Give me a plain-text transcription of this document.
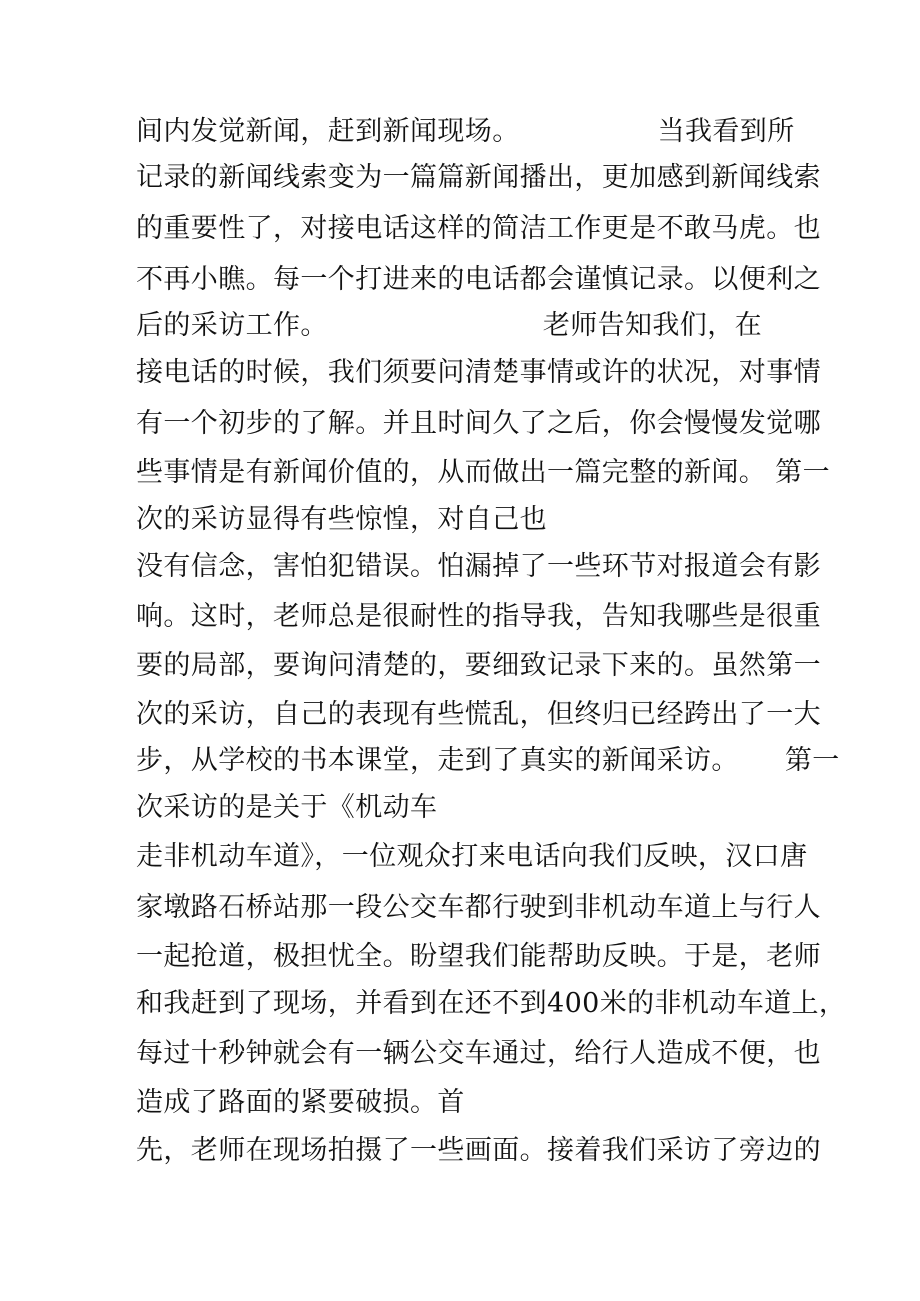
间内发觉新闻，赶到新闻现场。	当我看到所
记录的新闻线索变为一篇篇新闻播出，更加感到新闻线索
的重要性了，对接电话这样的简洁工作更是不敢马虎。也
不再小瞧。每一个打进来的电话都会谨慎记录。以便利之
后的采访工作。	老师告知我们，在
接电话的时候，我们须要问清楚事情或许的状况，对事情
有一个初步的了解。并且时间久了之后，你会慢慢发觉哪
些事情是有新闻价值的，从而做出一篇完整的新闻。 第一
次的采访显得有些惊惶，对自己也
没有信念，害怕犯错误。怕漏掉了一些环节对报道会有影
响。这时，老师总是很耐性的指导我，告知我哪些是很重
要的局部，要询问清楚的，要细致记录下来的。虽然第一
次的采访，自己的表现有些慌乱，但终归已经跨出了一大
步，从学校的书本课堂，走到了真实的新闻采访。 第一
次采访的是关于《机动车
走非机动车道》，一位观众打来电话向我们反映，汉口唐
家墩路石桥站那一段公交车都行驶到非机动车道上与行人
一起抢道，极担忧全。盼望我们能帮助反映。于是，老师
和我赶到了现场，并看到在还不到400米的非机动车道上，
每过十秒钟就会有一辆公交车通过，给行人造成不便，也
造成了路面的紧要破损。首
先，老师在现场拍摄了一些画面。接着我们采访了旁边的
